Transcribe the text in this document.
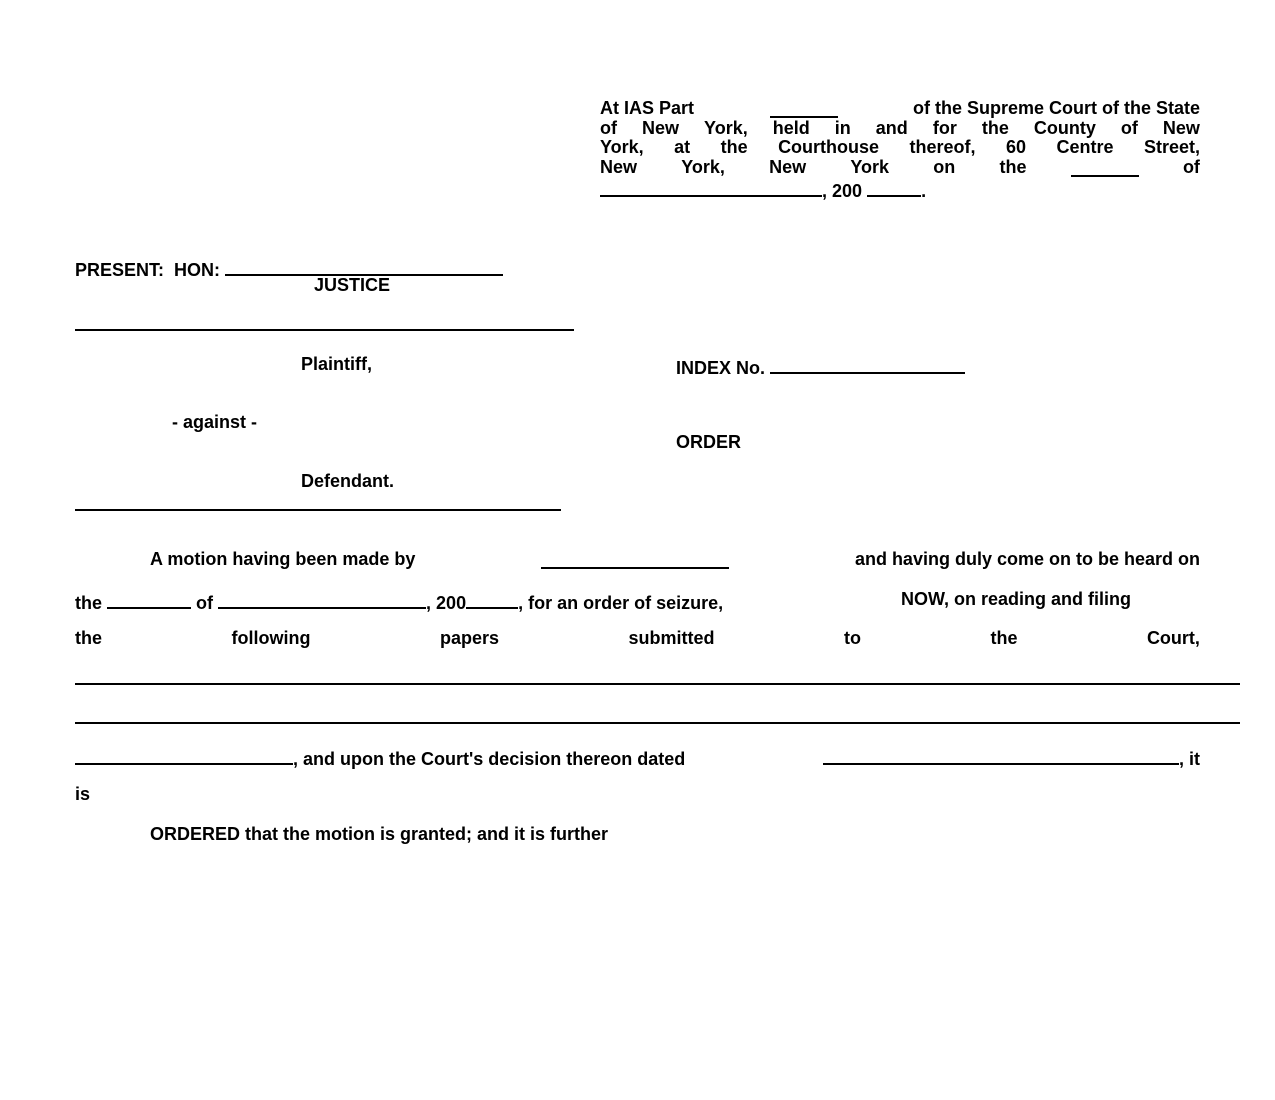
At IAS Part	of the Supreme Court of the State
of New York, held in and for the County of New
York, at the Courthouse thereof, 60 Centre Street,
New York, New York on the	of
, 200	.
PRESENT: HON:
JUSTICE
Plaintiff,	INDEX No.
- against -
ORDER
Defendant.
A motion having been made by	and having duly come on to be heard on
the	of	, 200	, for an order of seizure,	NOW, on reading and filing
the	following	papers	submitted	to	the	Court,
, and upon the Court's decision thereon dated	, it
is
ORDERED that the motion is granted; and it is further
